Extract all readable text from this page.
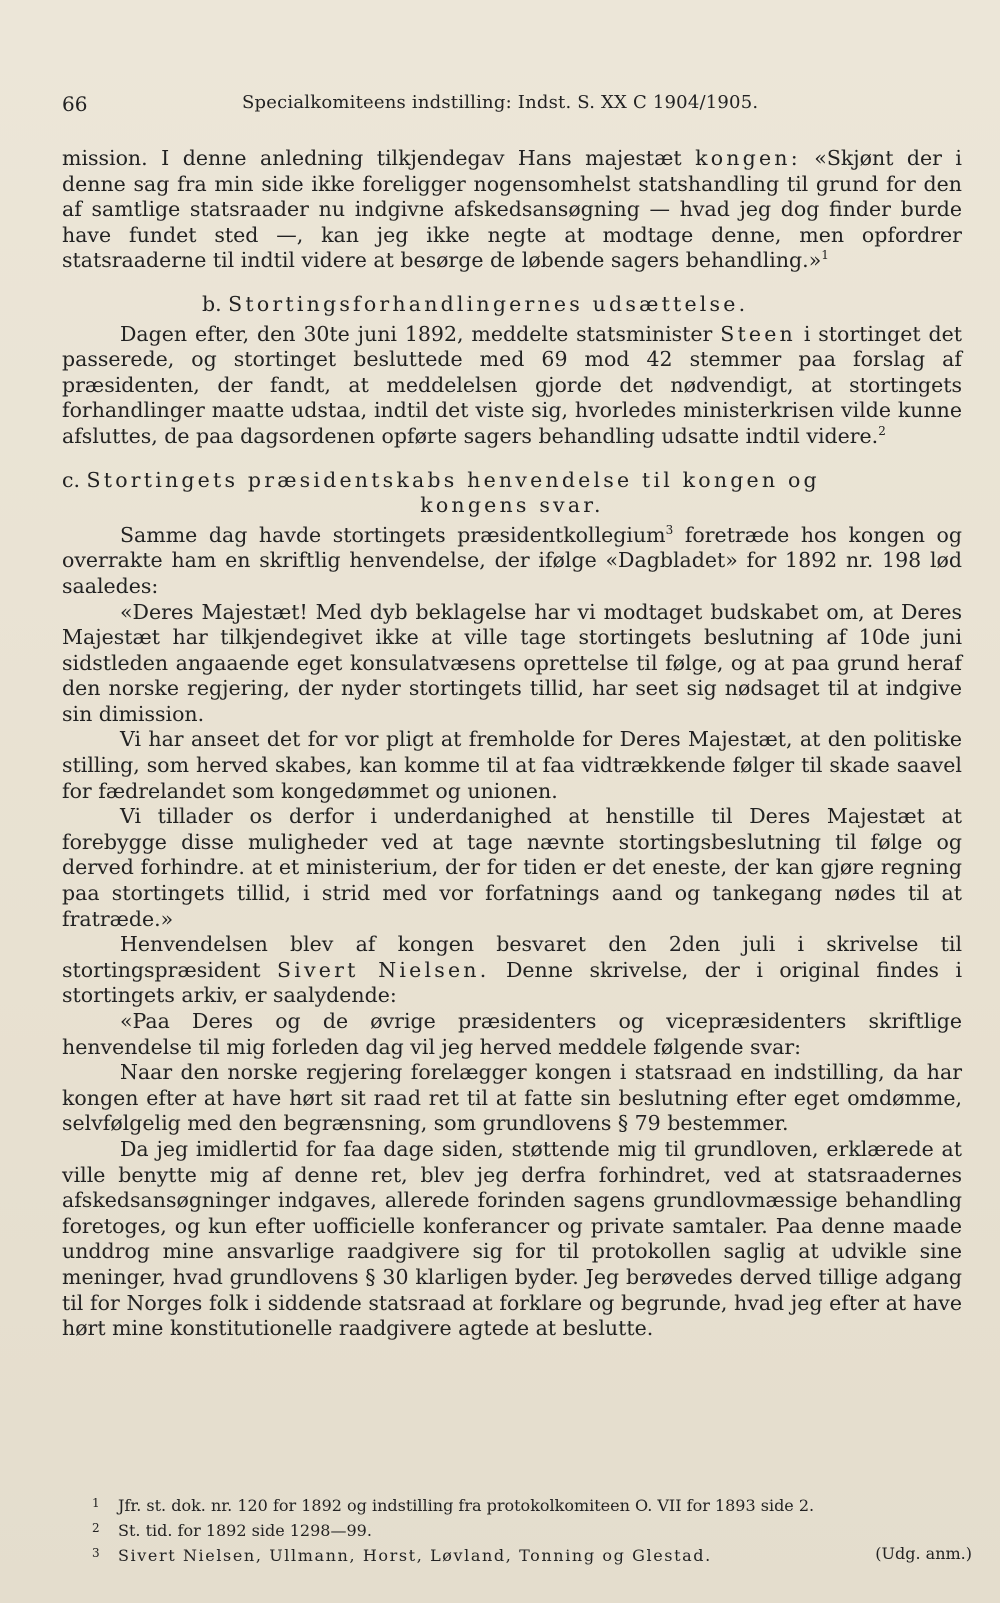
66	Specialkomiteens indstilling: Indst. S. XX C 1904/1905.

mission. I denne anledning tilkjendegav Hans majestæt kongen: «Skjønt der i denne sag fra min side ikke foreligger nogensomhelst statshandling til grund for den af samtlige statsraader nu indgivne afskedsansøgning — hvad jeg dog finder burde have fundet sted —, kan jeg ikke negte at modtage denne, men opfordrer statsraaderne til indtil videre at besørge de løbende sagers behandling.»$^1$

b. Stortingsforhandlingernes udsættelse.

Dagen efter, den 30te juni 1892, meddelte statsminister Steen i stortinget det passerede, og stortinget besluttede med 69 mod 42 stemmer paa forslag af præsidenten, der fandt, at meddelelsen gjorde det nødvendigt, at stortingets forhandlinger maatte udstaa, indtil det viste sig, hvorledes ministerkrisen vilde kunne afsluttes, de paa dagsordenen opførte sagers behandling udsatte indtil videre.$^2$

c. Stortingets præsidentskabs henvendelse til kongen og
kongens svar.

Samme dag havde stortingets præsidentkollegium$^3$ foretræde hos kongen og overrakte ham en skriftlig henvendelse, der ifølge «Dagbladet» for 1892 nr. 198 lød saaledes:

«Deres Majestæt! Med dyb beklagelse har vi modtaget budskabet om, at Deres Majestæt har tilkjendegivet ikke at ville tage stortingets beslutning af 10de juni sidstleden angaaende eget konsulatvæsens oprettelse til følge, og at paa grund heraf den norske regjering, der nyder stortingets tillid, har seet sig nødsaget til at indgive sin dimission.

Vi har anseet det for vor pligt at fremholde for Deres Majestæt, at den politiske stilling, som herved skabes, kan komme til at faa vidtrækkende følger til skade saavel for fædrelandet som kongedømmet og unionen.

Vi tillader os derfor i underdanighed at henstille til Deres Majestæt at forebygge disse muligheder ved at tage nævnte stortingsbeslutning til følge og derved forhindre. at et ministerium, der for tiden er det eneste, der kan gjøre regning paa stortingets tillid, i strid med vor forfatnings aand og tankegang nødes til at fratræde.»

Henvendelsen blev af kongen besvaret den 2den juli i skrivelse til stortingspræsident Sivert Nielsen. Denne skrivelse, der i original findes i stortingets arkiv, er saalydende:

«Paa Deres og de øvrige præsidenters og vicepræsidenters skriftlige henvendelse til mig forleden dag vil jeg herved meddele følgende svar:

Naar den norske regjering forelægger kongen i statsraad en indstilling, da har kongen efter at have hørt sit raad ret til at fatte sin beslutning efter eget omdømme, selvfølgelig med den begrænsning, som grundlovens § 79 bestemmer.

Da jeg imidlertid for faa dage siden, støttende mig til grundloven, erklærede at ville benytte mig af denne ret, blev jeg derfra forhindret, ved at statsraadernes afskedsansøgninger indgaves, allerede forinden sagens grundlovmæssige behandling foretoges, og kun efter uofficielle konferancer og private samtaler. Paa denne maade unddrog mine ansvarlige raadgivere sig for til protokollen saglig at udvikle sine meninger, hvad grundlovens § 30 klarligen byder. Jeg berøvedes derved tillige adgang til for Norges folk i siddende statsraad at forklare og begrunde, hvad jeg efter at have hørt mine konstitutionelle raadgivere agtede at beslutte.

1 Jfr. st. dok. nr. 120 for 1892 og indstilling fra protokolkomiteen O. VII for 1893 side 2.
2 St. tid. for 1892 side 1298—99.
3 Sivert Nielsen, Ullmann, Horst, Løvland, Tonning og Glestad.	(Udg. anm.)
